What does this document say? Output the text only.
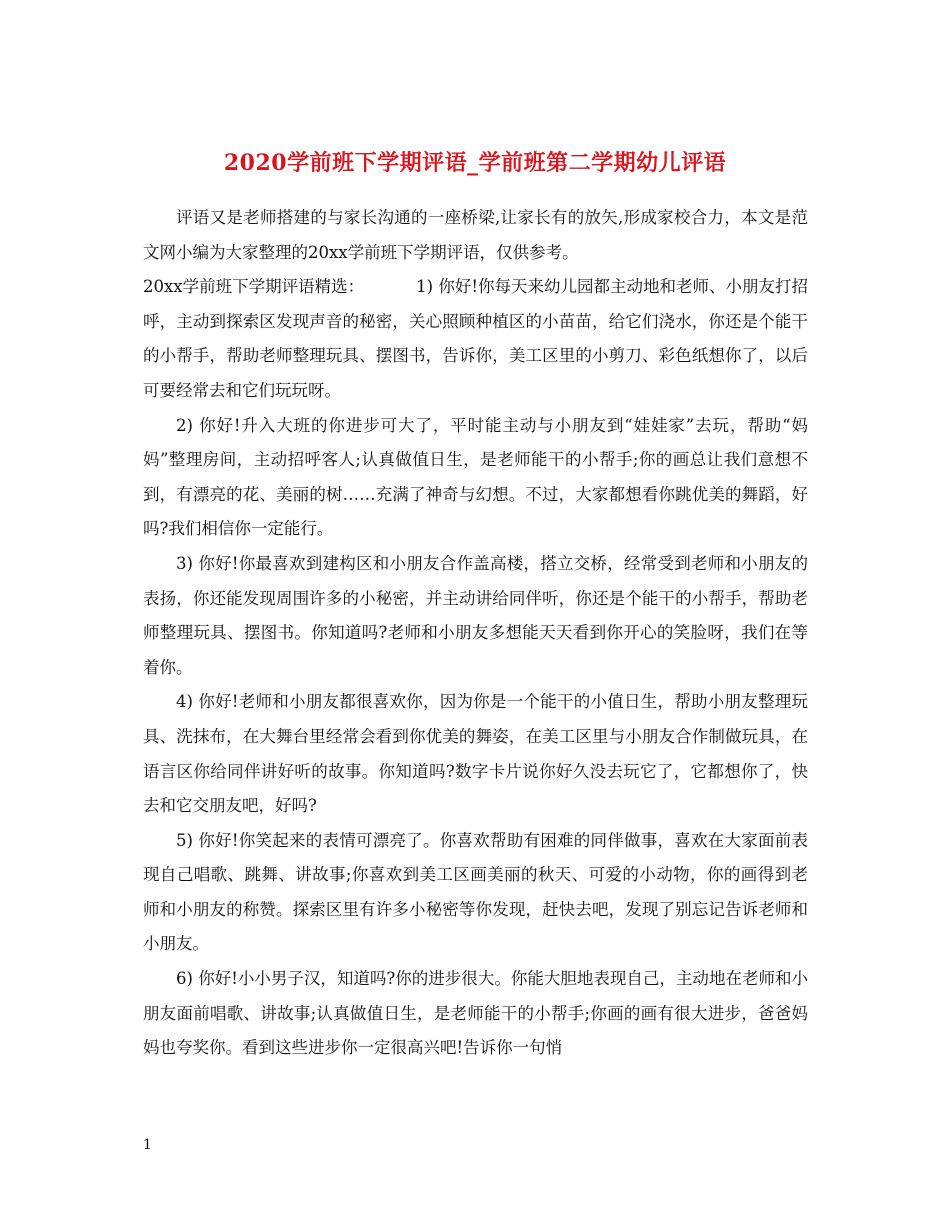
2020学前班下学期评语_学前班第二学期幼儿评语

评语又是老师搭建的与家长沟通的一座桥梁,让家长有的放矢,形成家校合力，本文是范文网小编为大家整理的20xx学前班下学期评语，仅供参考。

20xx学前班下学期评语精选：	1) 你好!你每天来幼儿园都主动地和老师、小朋友打招呼，主动到探索区发现声音的秘密，关心照顾种植区的小苗苗，给它们浇水，你还是个能干的小帮手，帮助老师整理玩具、摆图书，告诉你，美工区里的小剪刀、彩色纸想你了，以后可要经常去和它们玩玩呀。

2) 你好!升入大班的你进步可大了，平时能主动与小朋友到“娃娃家”去玩，帮助“妈妈”整理房间，主动招呼客人;认真做值日生，是老师能干的小帮手;你的画总让我们意想不到，有漂亮的花、美丽的树……充满了神奇与幻想。不过，大家都想看你跳优美的舞蹈，好吗?我们相信你一定能行。

3) 你好!你最喜欢到建构区和小朋友合作盖高楼，搭立交桥，经常受到老师和小朋友的表扬，你还能发现周围许多的小秘密，并主动讲给同伴听，你还是个能干的小帮手，帮助老师整理玩具、摆图书。你知道吗?老师和小朋友多想能天天看到你开心的笑脸呀，我们在等着你。

4) 你好!老师和小朋友都很喜欢你，因为你是一个能干的小值日生，帮助小朋友整理玩具、洗抹布，在大舞台里经常会看到你优美的舞姿，在美工区里与小朋友合作制做玩具，在语言区你给同伴讲好听的故事。你知道吗?数字卡片说你好久没去玩它了，它都想你了，快去和它交朋友吧，好吗?

5) 你好!你笑起来的表情可漂亮了。你喜欢帮助有困难的同伴做事，喜欢在大家面前表现自己唱歌、跳舞、讲故事;你喜欢到美工区画美丽的秋天、可爱的小动物，你的画得到老师和小朋友的称赞。探索区里有许多小秘密等你发现，赶快去吧，发现了别忘记告诉老师和小朋友。

6) 你好!小小男子汉，知道吗?你的进步很大。你能大胆地表现自己，主动地在老师和小朋友面前唱歌、讲故事;认真做值日生，是老师能干的小帮手;你画的画有很大进步，爸爸妈妈也夸奖你。看到这些进步你一定很高兴吧!告诉你一句悄

1
